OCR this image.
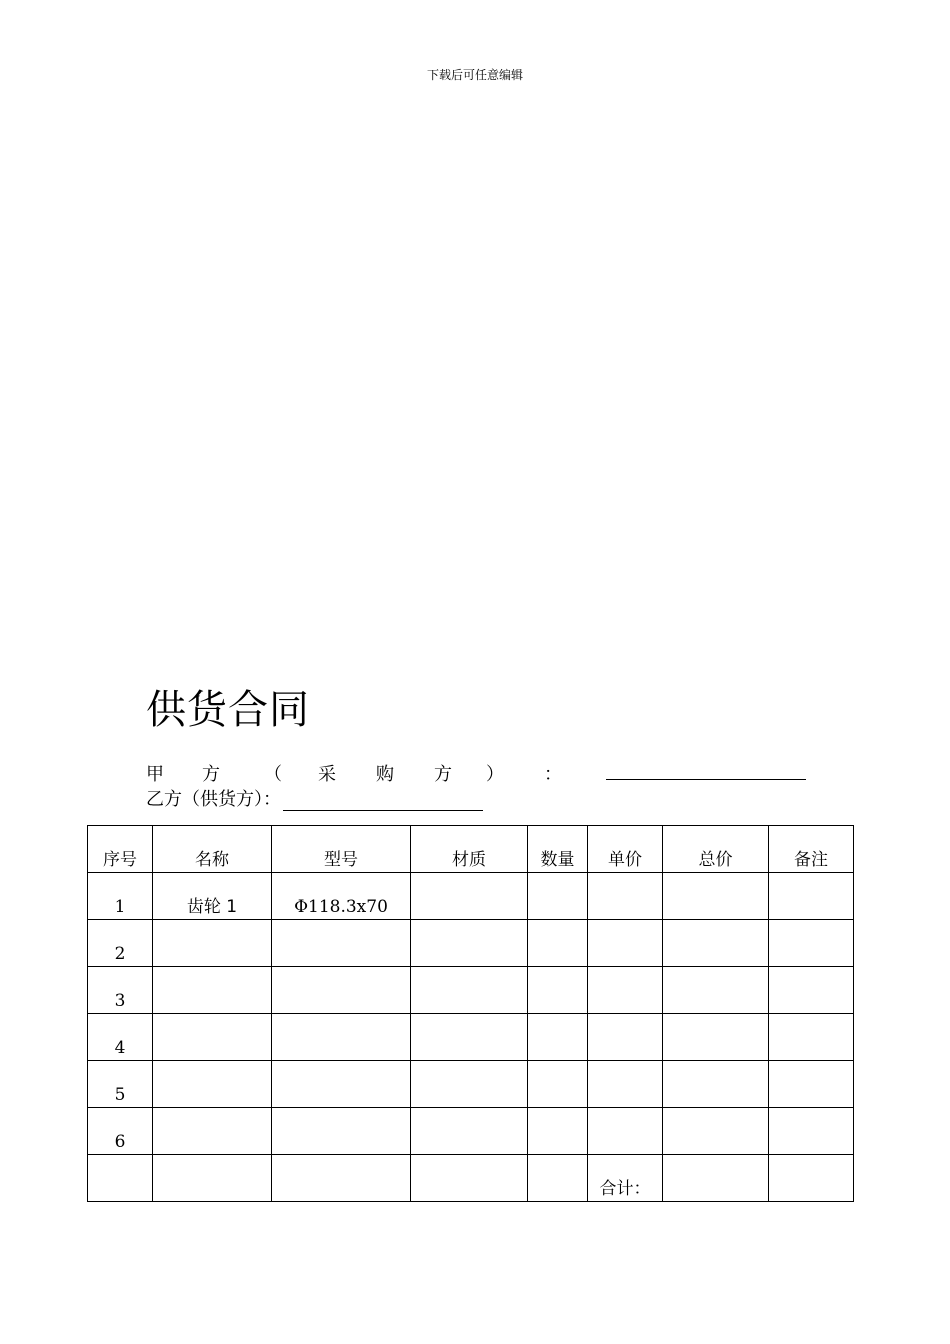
下载后可任意编辑
供货合同
甲 方 （ 采 购 方 ） ：
乙方（供货方）：
序号	名称	型号	材质	数量	单价	总价	备注
1	齿轮 1	Φ118.3x70					
2							
3							
4							
5							
6							
					合计：		
